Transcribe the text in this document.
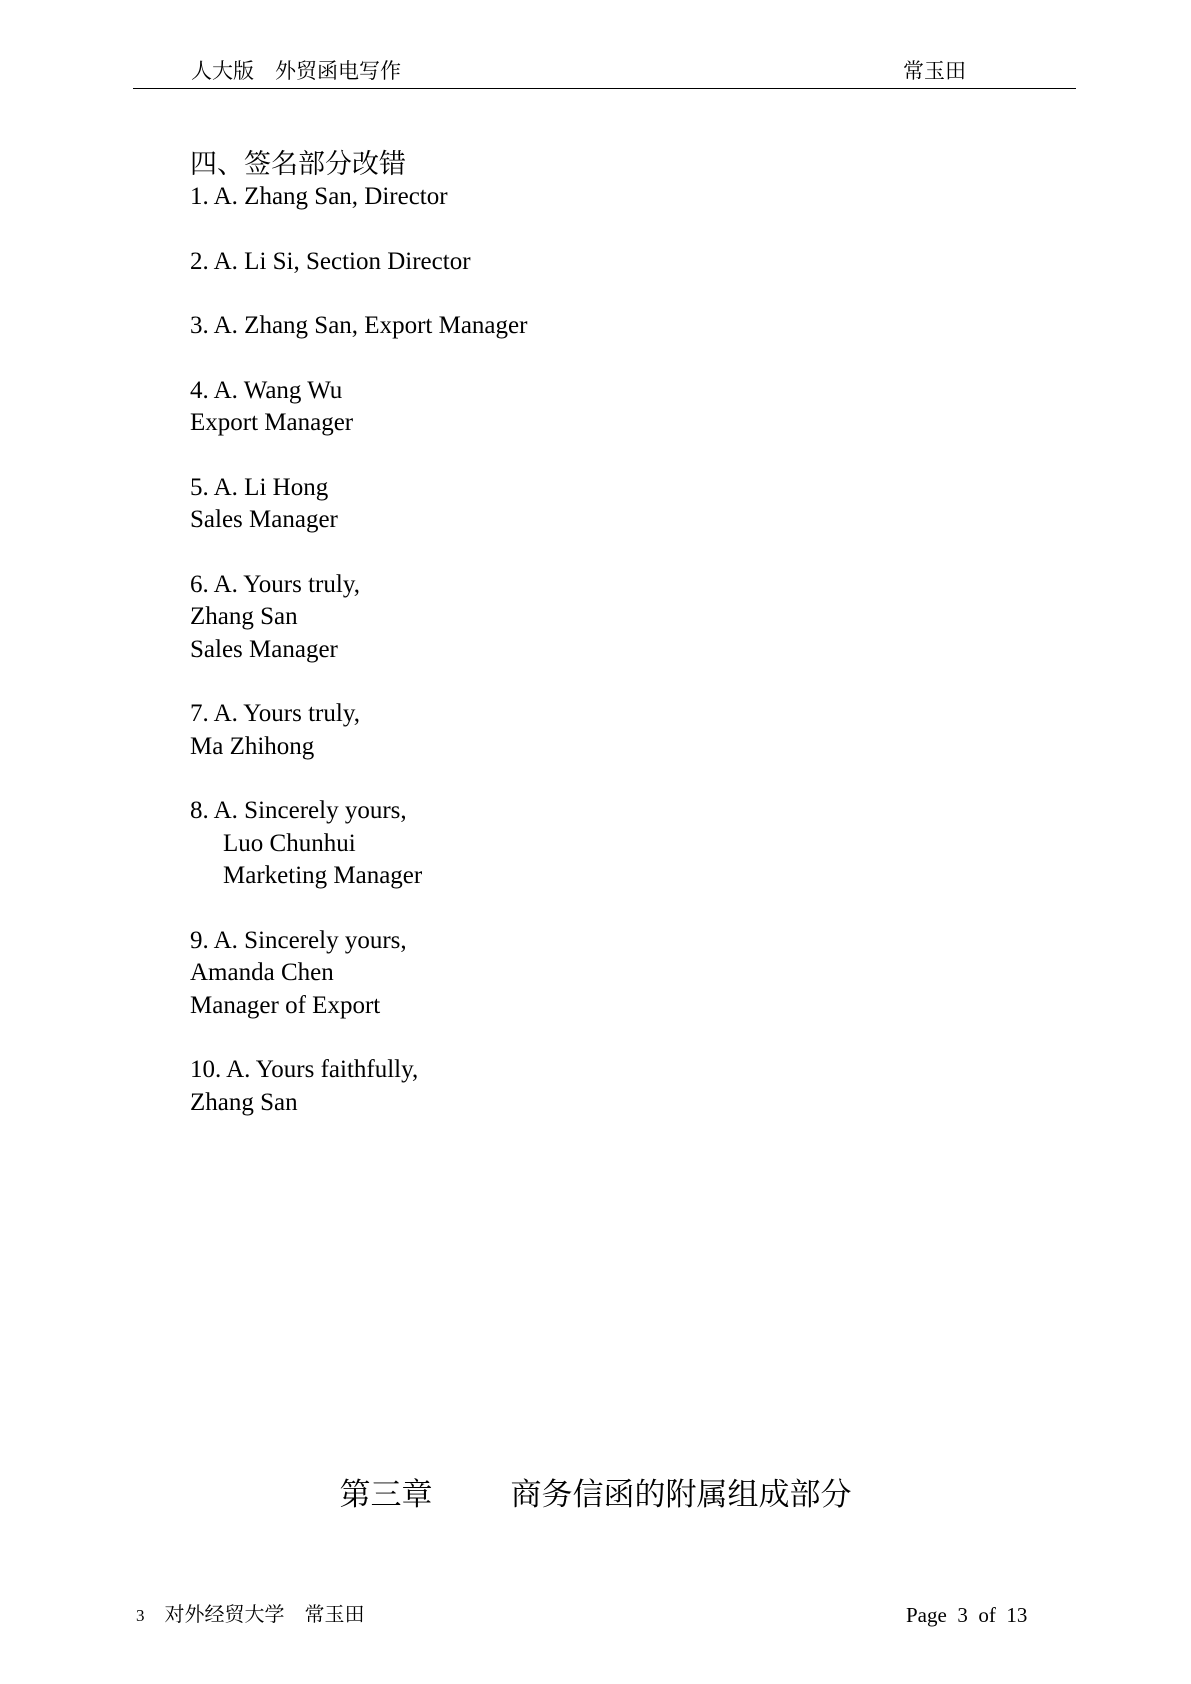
人大版　外贸函电写作	常玉田
四、签名部分改错
1. A. Zhang San, Director
2. A. Li Si, Section Director
3. A. Zhang San, Export Manager
4. A. Wang Wu
Export Manager
5. A. Li Hong
Sales Manager
6. A. Yours truly,
Zhang San
Sales Manager
7. A. Yours truly,
Ma Zhihong
8. A. Sincerely yours,
Luo Chunhui
Marketing Manager
9. A. Sincerely yours,
Amanda Chen
Manager of Export
10. A. Yours faithfully,
Zhang San
第三章	商务信函的附属组成部分
3 对外经贸大学　常玉田	Page  3  of  13
